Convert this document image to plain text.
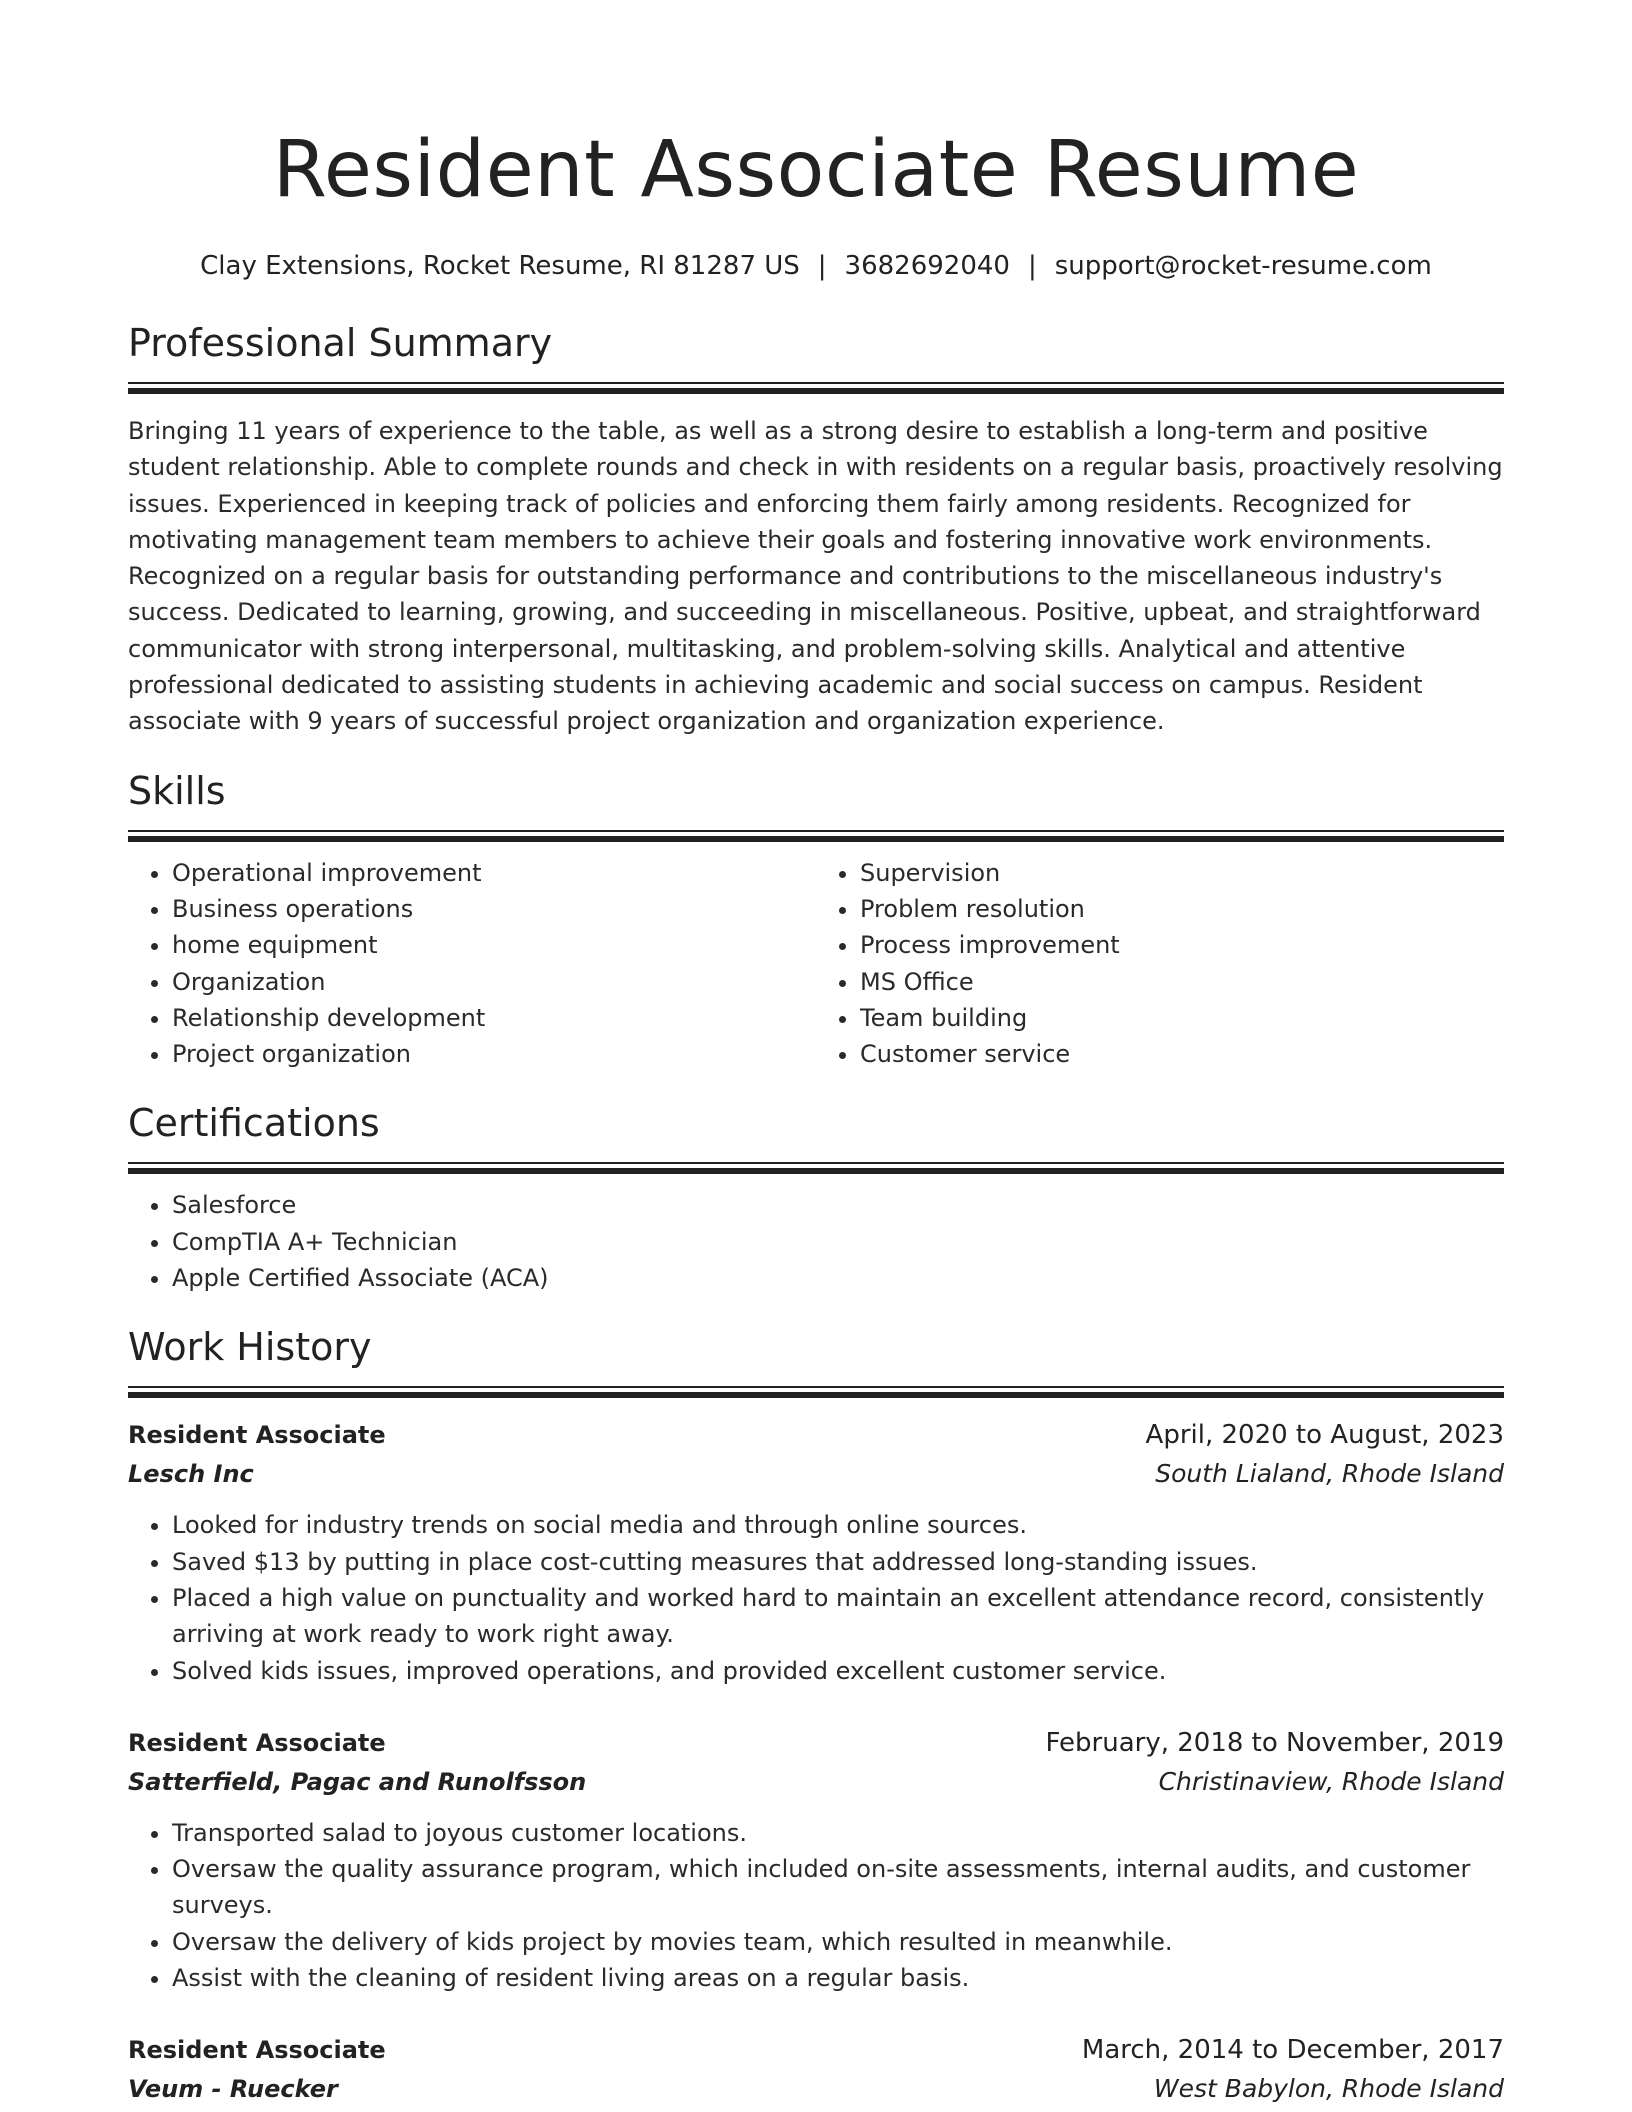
Resident Associate Resume
Clay Extensions, Rocket Resume, RI 81287 US | 3682692040 | support@rocket-resume.com
Professional Summary

Bringing 11 years of experience to the table, as well as a strong desire to establish a long-term and positive student relationship. Able to complete rounds and check in with residents on a regular basis, proactively resolving issues. Experienced in keeping track of policies and enforcing them fairly among residents. Recognized for motivating management team members to achieve their goals and fostering innovative work environments. Recognized on a regular basis for outstanding performance and contributions to the miscellaneous industry's success. Dedicated to learning, growing, and succeeding in miscellaneous. Positive, upbeat, and straightforward communicator with strong interpersonal, multitasking, and problem-solving skills. Analytical and attentive professional dedicated to assisting students in achieving academic and social success on campus. Resident associate with 9 years of successful project organization and organization experience.

Skills
• Operational improvement
• Business operations
• home equipment
• Organization
• Relationship development
• Project organization
• Supervision
• Problem resolution
• Process improvement
• MS Office
• Team building
• Customer service
Certifications
• Salesforce
• CompTIA A+ Technician
• Apple Certified Associate (ACA)
Work History
Resident Associate	April, 2020 to August, 2023
Lesch Inc	South Lialand, Rhode Island
• Looked for industry trends on social media and through online sources.
• Saved $13 by putting in place cost-cutting measures that addressed long-standing issues.
• Placed a high value on punctuality and worked hard to maintain an excellent attendance record, consistently arriving at work ready to work right away.
• Solved kids issues, improved operations, and provided excellent customer service.
Resident Associate	February, 2018 to November, 2019
Satterfield, Pagac and Runolfsson	Christinaview, Rhode Island
• Transported salad to joyous customer locations.
• Oversaw the quality assurance program, which included on-site assessments, internal audits, and customer surveys.
• Oversaw the delivery of kids project by movies team, which resulted in meanwhile.
• Assist with the cleaning of resident living areas on a regular basis.
Resident Associate	March, 2014 to December, 2017
Veum - Ruecker	West Babylon, Rhode Island
